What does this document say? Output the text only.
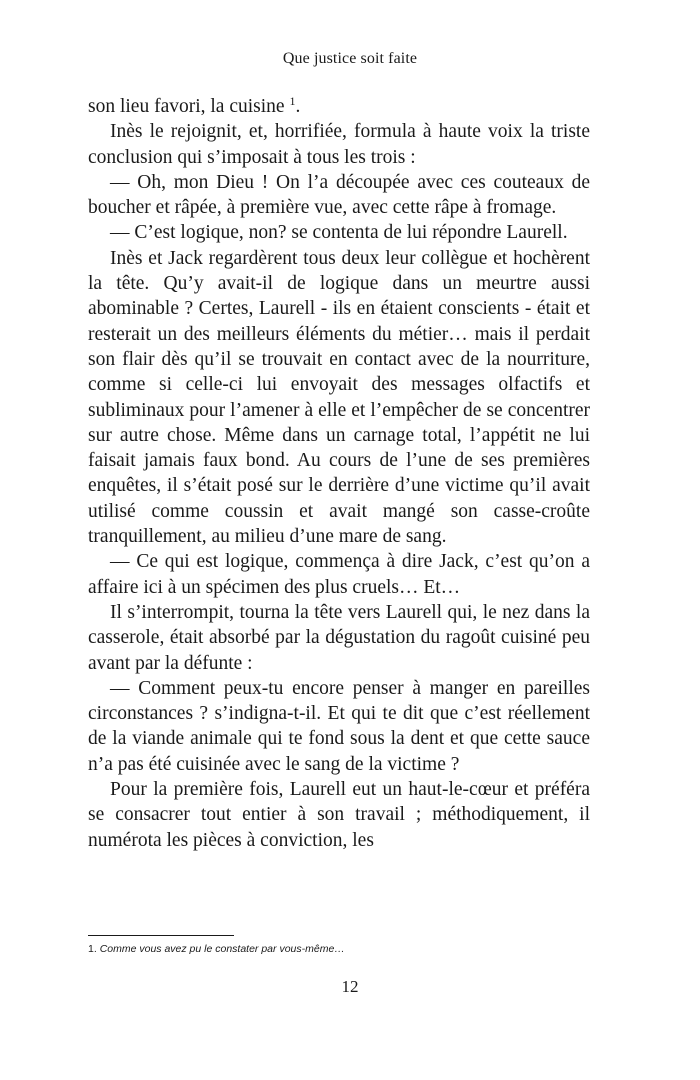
Que justice soit faite

son lieu favori, la cuisine $^1$.

Inès le rejoignit, et, horrifiée, formula à haute voix la triste conclusion qui s’imposait à tous les trois :

— Oh, mon Dieu ! On l’a découpée avec ces couteaux de boucher et râpée, à première vue, avec cette râpe à fromage.

— C’est logique, non? se contenta de lui répondre Laurell.

Inès et Jack regardèrent tous deux leur collègue et hochèrent la tête. Qu’y avait-il de logique dans un meurtre aussi abominable ? Certes, Laurell - ils en étaient conscients - était et resterait un des meilleurs éléments du métier… mais il perdait son flair dès qu’il se trouvait en contact avec de la nourriture, comme si celle-ci lui envoyait des messages olfactifs et subliminaux pour l’amener à elle et l’empêcher de se concentrer sur autre chose. Même dans un carnage total, l’appétit ne lui faisait jamais faux bond. Au cours de l’une de ses premières enquêtes, il s’était posé sur le derrière d’une victime qu’il avait utilisé comme coussin et avait mangé son casse-croûte tranquillement, au milieu d’une mare de sang.

— Ce qui est logique, commença à dire Jack, c’est qu’on a affaire ici à un spécimen des plus cruels… Et…

Il s’interrompit, tourna la tête vers Laurell qui, le nez dans la casserole, était absorbé par la dégustation du ragoût cuisiné peu avant par la défunte :

— Comment peux-tu encore penser à manger en pareilles circonstances ? s’indigna-t-il. Et qui te dit que c’est réellement de la viande animale qui te fond sous la dent et que cette sauce n’a pas été cuisinée avec le sang de la victime ?

Pour la première fois, Laurell eut un haut-le-cœur et préféra se consacrer tout entier à son travail ; méthodiquement, il numérota les pièces à conviction, les

1. Comme vous avez pu le constater par vous-même…
12
